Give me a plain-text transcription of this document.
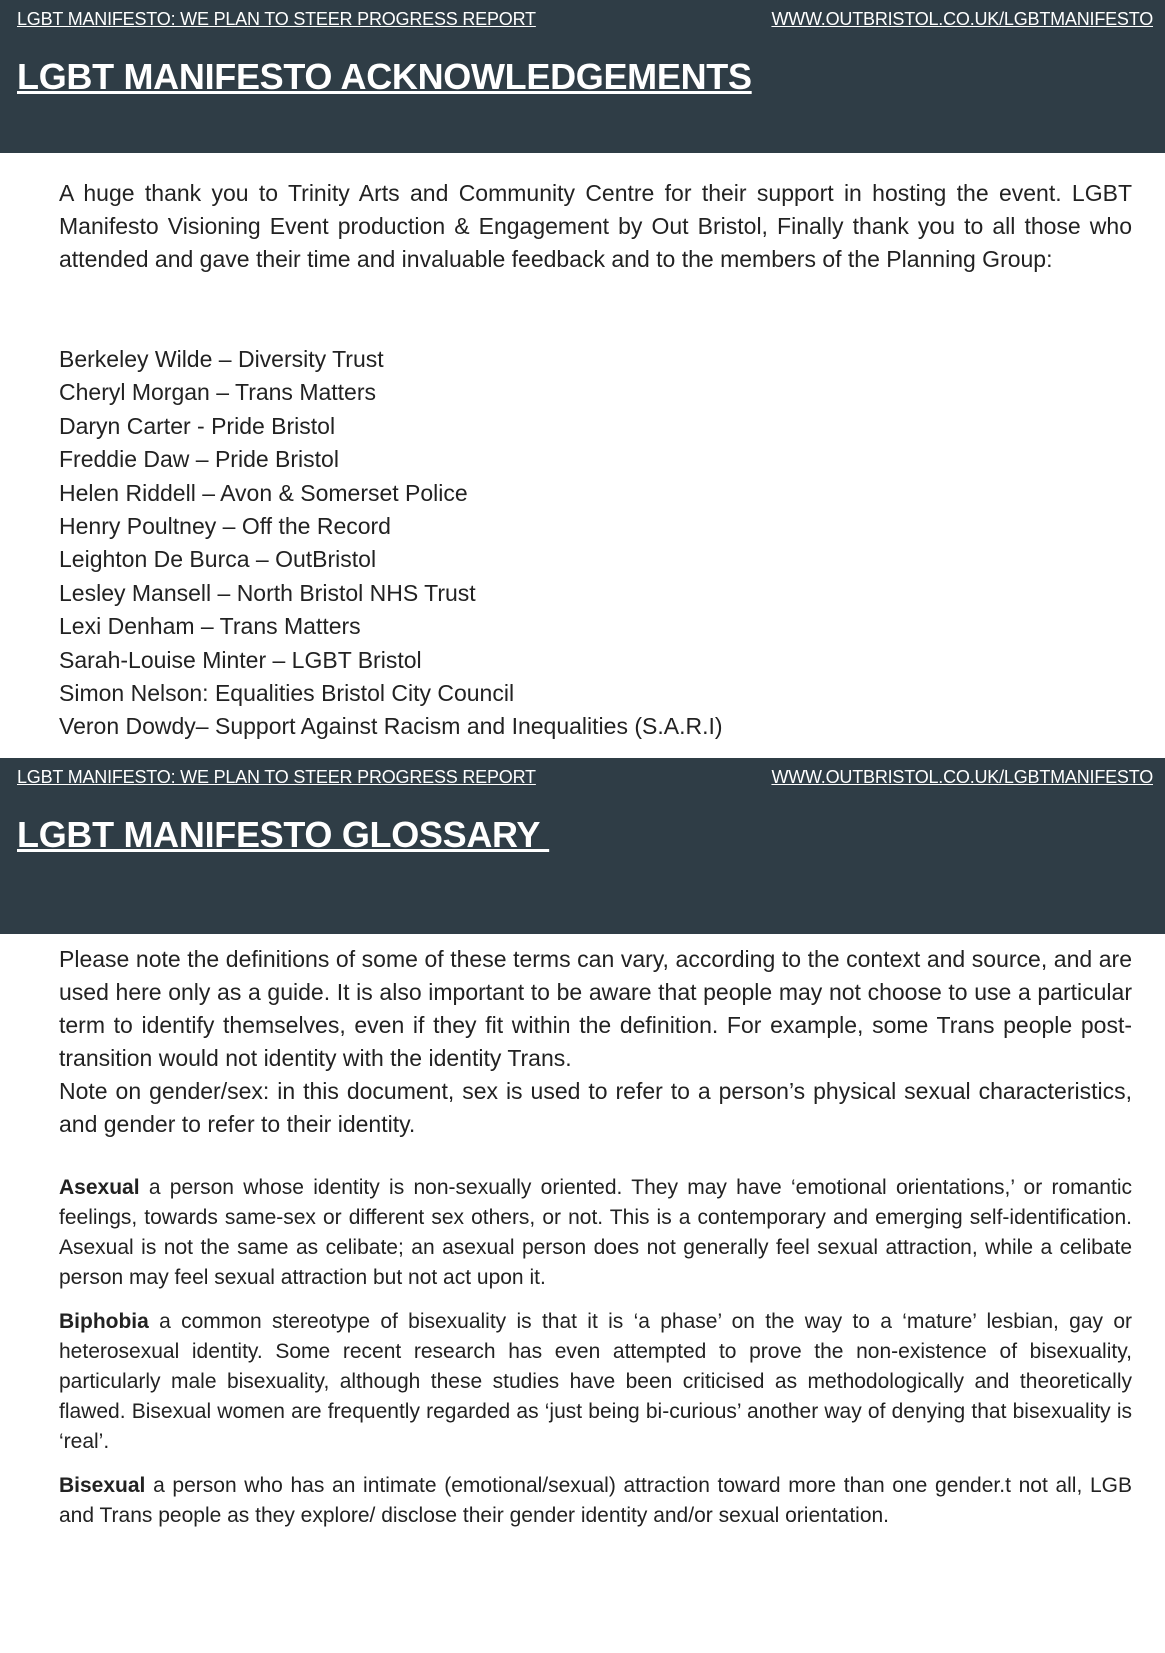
LGBT MANIFESTO: WE PLAN TO STEER PROGRESS REPORT	WWW.OUTBRISTOL.CO.UK/LGBTMANIFESTO
LGBT MANIFESTO ACKNOWLEDGEMENTS
A huge thank you to Trinity Arts and Community Centre for their support in hosting the event. LGBT Manifesto Visioning Event production & Engagement by Out Bristol, Finally thank you to all those who attended and gave their time and invaluable feedback and to the members of the Planning Group:
Berkeley Wilde – Diversity Trust
Cheryl Morgan – Trans Matters
Daryn Carter - Pride Bristol
Freddie Daw – Pride Bristol
Helen Riddell – Avon & Somerset Police
Henry Poultney – Off the Record
Leighton De Burca – OutBristol
Lesley Mansell – North Bristol NHS Trust
Lexi Denham – Trans Matters
Sarah-Louise Minter – LGBT Bristol
Simon Nelson: Equalities Bristol City Council
Veron Dowdy– Support Against Racism and Inequalities (S.A.R.I)
LGBT MANIFESTO: WE PLAN TO STEER PROGRESS REPORT	WWW.OUTBRISTOL.CO.UK/LGBTMANIFESTO
LGBT MANIFESTO GLOSSARY

Please note the definitions of some of these terms can vary, according to the context and source, and are used here only as a guide. It is also important to be aware that people may not choose to use a particular term to identify themselves, even if they fit within the definition. For example, some Trans people post-transition would not identity with the identity Trans.

Note on gender/sex: in this document, sex is used to refer to a person’s physical sexual characteristics, and gender to refer to their identity.

Asexual a person whose identity is non-sexually oriented. They may have ‘emotional orientations,’ or romantic feelings, towards same-sex or different sex others, or not. This is a contemporary and emerging self-identification. Asexual is not the same as celibate; an asexual person does not generally feel sexual attraction, while a celibate person may feel sexual attraction but not act upon it.

Biphobia a common stereotype of bisexuality is that it is ‘a phase’ on the way to a ‘mature’ lesbian, gay or heterosexual identity. Some recent research has even attempted to prove the non-existence of bisexuality, particularly male bisexuality, although these studies have been criticised as methodologically and theoretically flawed. Bisexual women are frequently regarded as ‘just being bi-curious’ another way of denying that bisexuality is ‘real’.

Bisexual a person who has an intimate (emotional/sexual) attraction toward more than one gender.t not all, LGB and Trans people as they explore/ disclose their gender identity and/or sexual orientation.
